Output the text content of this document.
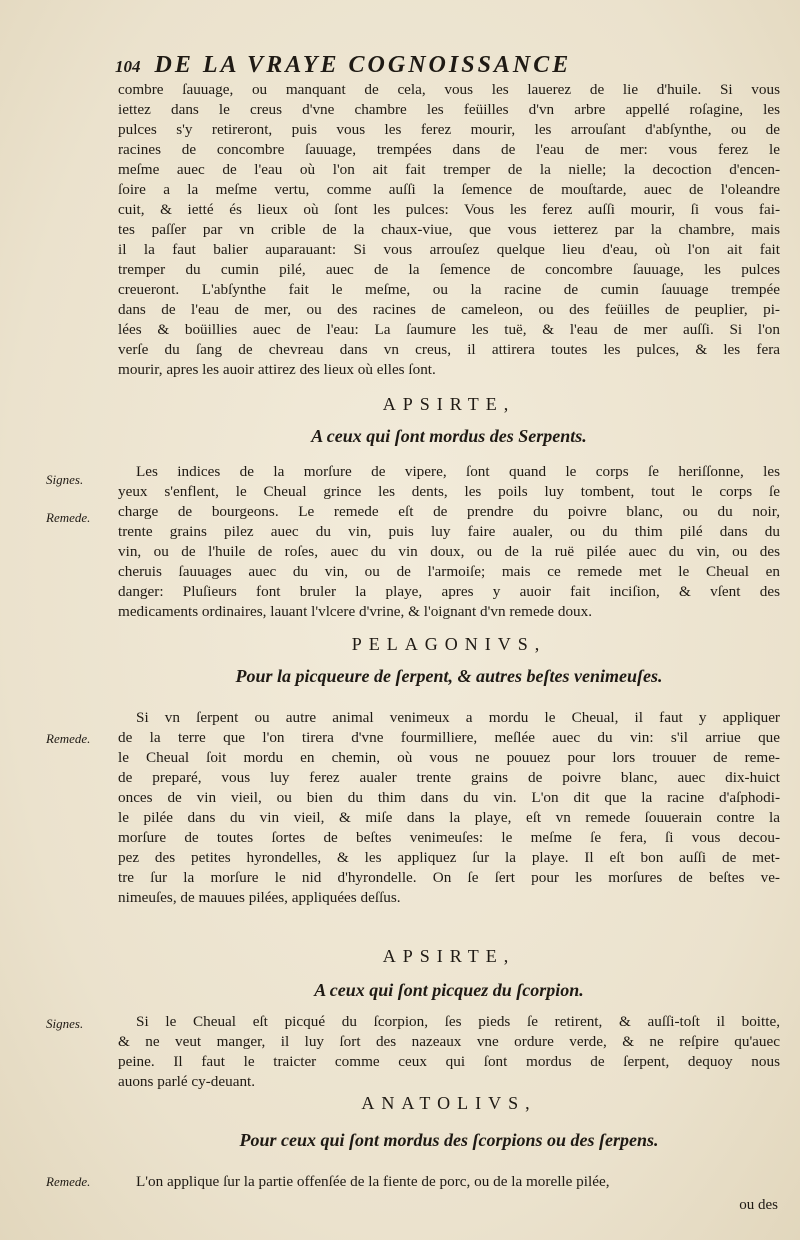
104 DE LA VRAYE COGNOISSANCE
combre ſauuage, ou manquant de cela, vous les lauerez de lie d'huile. Si vous
iettez dans le creus d'vne chambre les feüilles d'vn arbre appellé roſagine, les
pulces s'y retireront, puis vous les ferez mourir, les arrouſant d'abſynthe, ou de
racines de concombre ſauuage, trempées dans de l'eau de mer: vous ferez le
meſme auec de l'eau où l'on ait fait tremper de la nielle; la decoction d'encen-
ſoire a la meſme vertu, comme auſſi la ſemence de mouſtarde, auec de l'oleandre
cuit, & ietté és lieux où ſont les pulces: Vous les ferez auſſi mourir, ſi vous fai-
tes paſſer par vn crible de la chaux-viue, que vous ietterez par la chambre, mais
il la faut balier auparauant: Si vous arrouſez quelque lieu d'eau, où l'on ait fait
tremper du cumin pilé, auec de la ſemence de concombre ſauuage, les pulces
creueront. L'abſynthe fait le meſme, ou la racine de cumin ſauuage trempée
dans de l'eau de mer, ou des racines de cameleon, ou des feüilles de peuplier, pi-
lées & boüillies auec de l'eau: La ſaumure les tuë, & l'eau de mer auſſi. Si l'on
verſe du ſang de chevreau dans vn creus, il attirera toutes les pulces, & les fera
mourir, apres les auoir attirez des lieux où elles ſont.
APSIRTE,
A ceux qui ſont mordus des Serpents.
Les indices de la morſure de vipere, ſont quand le corps ſe heriſſonne, les
yeux s'enflent, le Cheual grince les dents, les poils luy tombent, tout le corps ſe
charge de bourgeons. Le remede eſt de prendre du poivre blanc, ou du noir,
trente grains pilez auec du vin, puis luy faire aualer, ou du thim pilé dans du
vin, ou de l'huile de roſes, auec du vin doux, ou de la ruë pilée auec du vin, ou des
cheruis ſauuages auec du vin, ou de l'armoiſe; mais ce remede met le Cheual en
danger: Pluſieurs font bruler la playe, apres y auoir fait inciſion, & vſent des
medicaments ordinaires, lauant l'vlcere d'vrine, & l'oignant d'vn remede doux.
Signes.
Remede.
PELAGONIVS,
Pour la picqueure de ſerpent, & autres beſtes venimeuſes.
Si vn ſerpent ou autre animal venimeux a mordu le Cheual, il faut y appliquer
de la terre que l'on tirera d'vne fourmilliere, meſlée auec du vin: s'il arriue que
le Cheual ſoit mordu en chemin, où vous ne pouuez pour lors trouuer de reme-
de preparé, vous luy ferez aualer trente grains de poivre blanc, auec dix-huict
onces de vin vieil, ou bien du thim dans du vin. L'on dit que la racine d'aſphodi-
le pilée dans du vin vieil, & miſe dans la playe, eſt vn remede ſouuerain contre la
morſure de toutes ſortes de beſtes venimeuſes: le meſme ſe fera, ſi vous decou-
pez des petites hyrondelles, & les appliquez ſur la playe. Il eſt bon auſſi de met-
tre ſur la morſure le nid d'hyrondelle. On ſe ſert pour les morſures de beſtes ve-
nimeuſes, de mauues pilées, appliquées deſſus.
Remede.
APSIRTE,
A ceux qui ſont picquez du ſcorpion.
Si le Cheual eſt picqué du ſcorpion, ſes pieds ſe retirent, & auſſi-toſt il boitte,
& ne veut manger, il luy ſort des nazeaux vne ordure verde, & ne reſpire qu'auec
peine. Il faut le traicter comme ceux qui ſont mordus de ſerpent, dequoy nous
auons parlé cy-deuant.
Signes.
ANATOLIVS,
Pour ceux qui ſont mordus des ſcorpions ou des ſerpens.
L'on applique ſur la partie offenſée de la fiente de porc, ou de la morelle pilée,
Remede.
ou des
